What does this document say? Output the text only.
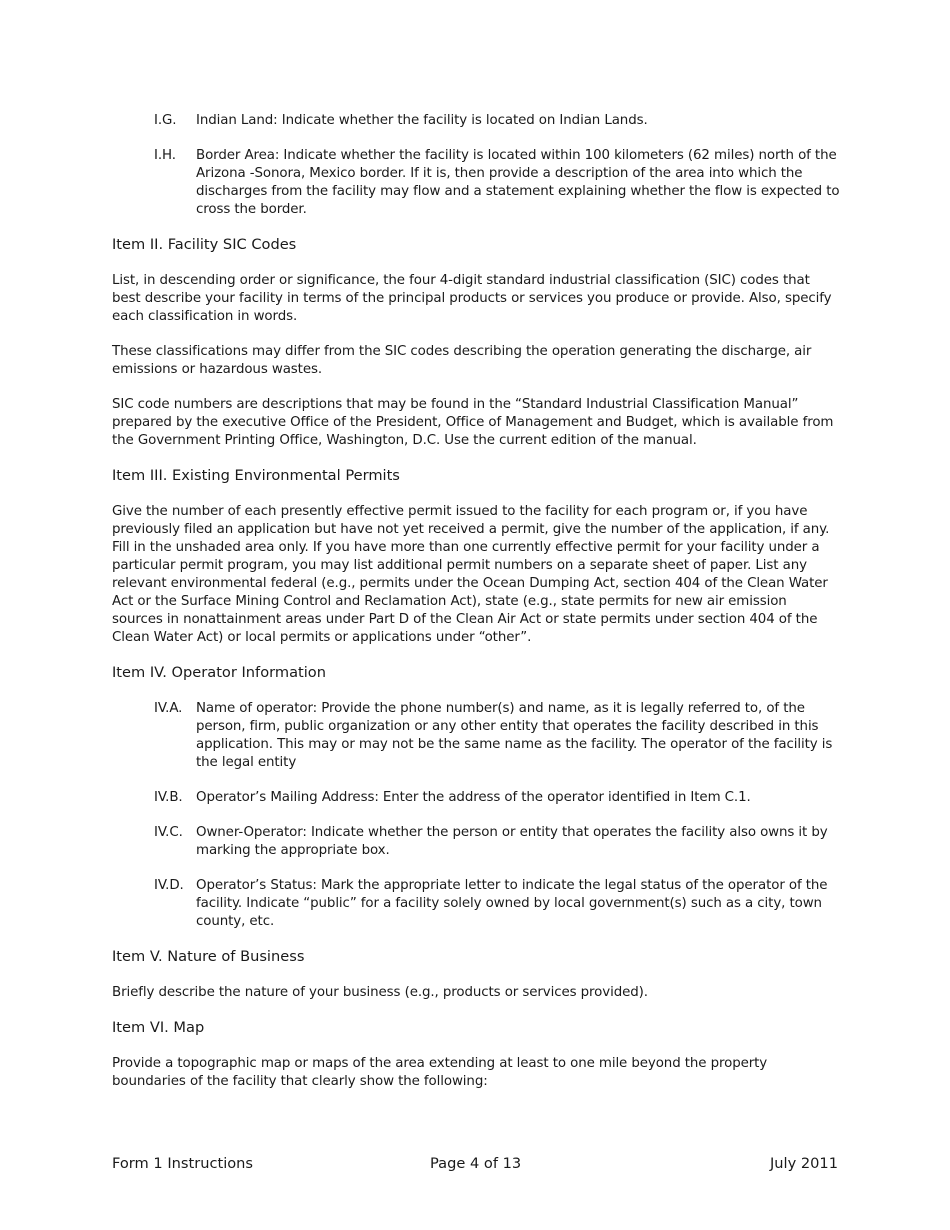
I.G.	Indian Land: Indicate whether the facility is located on Indian Lands.
I.H.	Border Area: Indicate whether the facility is located within 100 kilometers (62 miles) north of the Arizona -Sonora, Mexico border. If it is, then provide a description of the area into which the discharges from the facility may flow and a statement explaining whether the flow is expected to cross the border.
Item II. Facility SIC Codes

List, in descending order or significance, the four 4-digit standard industrial classification (SIC) codes that best describe your facility in terms of the principal products or services you produce or provide. Also, specify each classification in words.

These classifications may differ from the SIC codes describing the operation generating the discharge, air emissions or hazardous wastes.

SIC code numbers are descriptions that may be found in the “Standard Industrial Classification Manual” prepared by the executive Office of the President, Office of Management and Budget, which is available from the Government Printing Office, Washington, D.C. Use the current edition of the manual.

Item III. Existing Environmental Permits

Give the number of each presently effective permit issued to the facility for each program or, if you have previously filed an application but have not yet received a permit, give the number of the application, if any. Fill in the unshaded area only. If you have more than one currently effective permit for your facility under a particular permit program, you may list additional permit numbers on a separate sheet of paper. List any relevant environmental federal (e.g., permits under the Ocean Dumping Act, section 404 of the Clean Water Act or the Surface Mining Control and Reclamation Act), state (e.g., state permits for new air emission sources in nonattainment areas under Part D of the Clean Air Act or state permits under section 404 of the Clean Water Act) or local permits or applications under “other”.

Item IV. Operator Information
IV.A.	Name of operator: Provide the phone number(s) and name, as it is legally referred to, of the person, firm, public organization or any other entity that operates the facility described in this application. This may or may not be the same name as the facility. The operator of the facility is the legal entity
IV.B.	Operator’s Mailing Address: Enter the address of the operator identified in Item C.1.
IV.C. Owner-Operator: Indicate whether the person or entity that operates the facility also owns it by marking the appropriate box.
IV.D. Operator’s Status: Mark the appropriate letter to indicate the legal status of the operator of the facility. Indicate “public” for a facility solely owned by local government(s) such as a city, town county, etc.
Item V. Nature of Business

Briefly describe the nature of your business (e.g., products or services provided).

Item VI. Map

Provide a topographic map or maps of the area extending at least to one mile beyond the property boundaries of the facility that clearly show the following:

Form 1 Instructions	Page 4 of 13	July 2011
